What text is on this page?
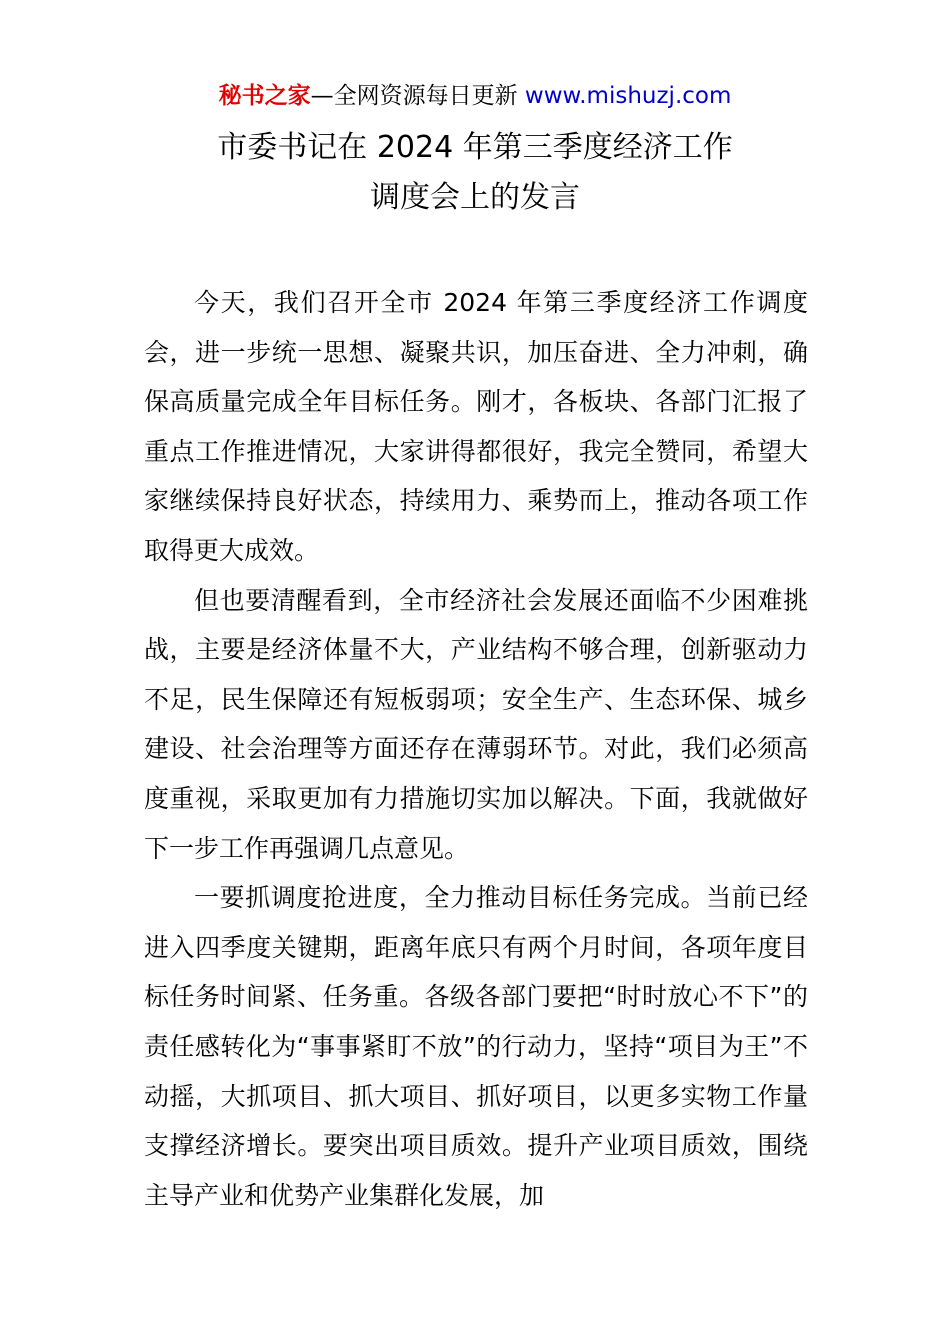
秘书之家—全网资源每日更新 www.mishuzj.com
市委书记在 2024 年第三季度经济工作
调度会上的发言

今天，我们召开全市 2024 年第三季度经济工作调度会，进一步统一思想、凝聚共识，加压奋进、全力冲刺，确保高质量完成全年目标任务。刚才，各板块、各部门汇报了重点工作推进情况，大家讲得都很好，我完全赞同，希望大家继续保持良好状态，持续用力、乘势而上，推动各项工作取得更大成效。

但也要清醒看到，全市经济社会发展还面临不少困难挑战，主要是经济体量不大，产业结构不够合理，创新驱动力不足，民生保障还有短板弱项；安全生产、生态环保、城乡建设、社会治理等方面还存在薄弱环节。对此，我们必须高度重视，采取更加有力措施切实加以解决。下面，我就做好下一步工作再强调几点意见。

一要抓调度抢进度，全力推动目标任务完成。当前已经进入四季度关键期，距离年底只有两个月时间，各项年度目标任务时间紧、任务重。各级各部门要把“时时放心不下”的责任感转化为“事事紧盯不放”的行动力，坚持“项目为王”不动摇，大抓项目、抓大项目、抓好项目，以更多实物工作量支撑经济增长。要突出项目质效。提升产业项目质效，围绕主导产业和优势产业集群化发展，加
